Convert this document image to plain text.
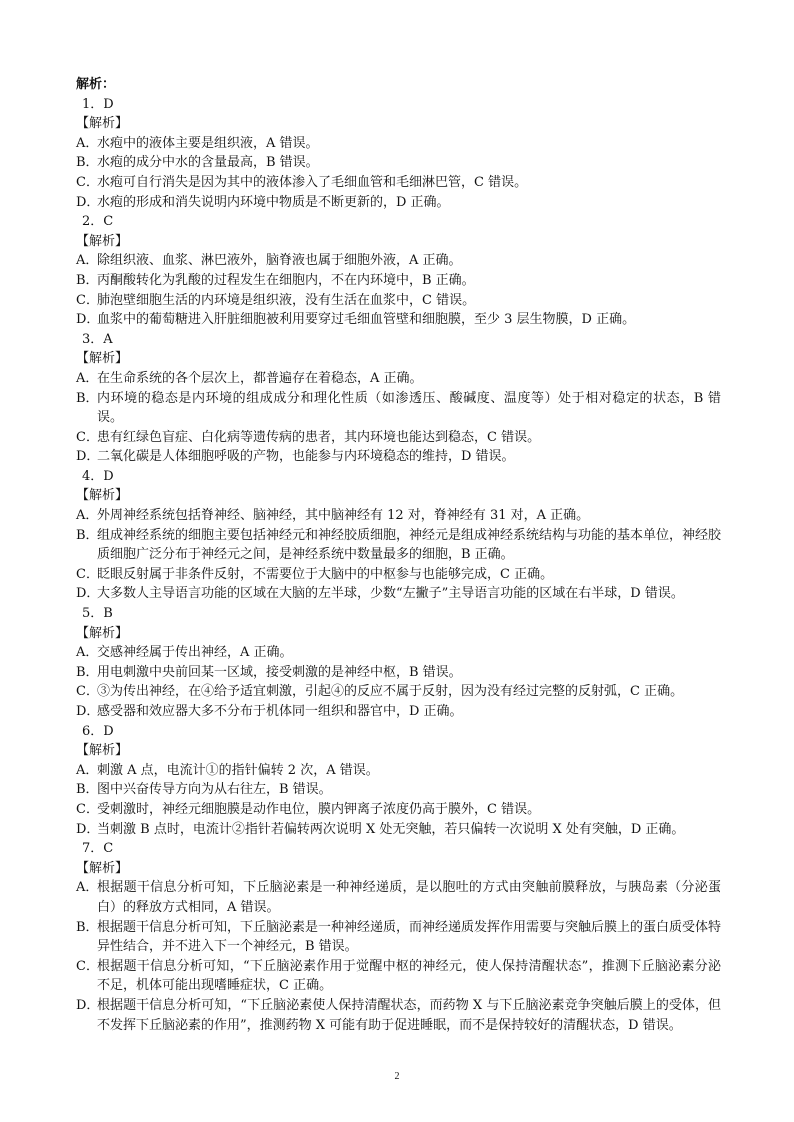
解析：
1．D
【解析】
A．
水疱中的液体主要是组织液，A 错误。
B．
水疱的成分中水的含量最高，B 错误。
C．
水疱可自行消失是因为其中的液体渗入了毛细血管和毛细淋巴管，C 错误。
D．
水疱的形成和消失说明内环境中物质是不断更新的，D 正确。
2．C
【解析】
A．
除组织液、血浆、淋巴液外，脑脊液也属于细胞外液，A 正确。
B．
丙酮酸转化为乳酸的过程发生在细胞内，不在内环境中，B 正确。
C．
肺泡壁细胞生活的内环境是组织液，没有生活在血浆中，C 错误。
D．
血浆中的葡萄糖进入肝脏细胞被利用要穿过毛细血管壁和细胞膜，至少 3 层生物膜，D 正确。
3．A
【解析】
A．
在生命系统的各个层次上，都普遍存在着稳态，A 正确。
B．
内环境的稳态是内环境的组成成分和理化性质（如渗透压、酸碱度、温度等）处于相对稳定的状态，B 错误。
C．
患有红绿色盲症、白化病等遗传病的患者，其内环境也能达到稳态，C 错误。
D．
二氧化碳是人体细胞呼吸的产物，也能参与内环境稳态的维持，D 错误。
4．D
【解析】
A．
外周神经系统包括脊神经、脑神经，其中脑神经有 12 对，脊神经有 31 对，A 正确。
B．
组成神经系统的细胞主要包括神经元和神经胶质细胞，神经元是组成神经系统结构与功能的基本单位，神经胶质细胞广泛分布于神经元之间，是神经系统中数量最多的细胞，B 正确。
C．
眨眼反射属于非条件反射，不需要位于大脑中的中枢参与也能够完成，C 正确。
D．
大多数人主导语言功能的区域在大脑的左半球，少数“左撇子”主导语言功能的区域在右半球，D 错误。
5．B
【解析】
A．
交感神经属于传出神经，A 正确。
B．
用电刺激中央前回某一区域，接受刺激的是神经中枢，B 错误。
C．
③为传出神经，在④给予适宜刺激，引起④的反应不属于反射，因为没有经过完整的反射弧，C 正确。
D．
感受器和效应器大多不分布于机体同一组织和器官中，D 正确。
6．D
【解析】
A．
刺激 A 点，电流计①的指针偏转 2 次，A 错误。
B．
图中兴奋传导方向为从右往左，B 错误。
C．
受刺激时，神经元细胞膜是动作电位，膜内钾离子浓度仍高于膜外，C 错误。
D．
当刺激 B 点时，电流计②指针若偏转两次说明 X 处无突触，若只偏转一次说明 X 处有突触，D 正确。
7．C
【解析】
A．
根据题干信息分析可知，下丘脑泌素是一种神经递质，是以胞吐的方式由突触前膜释放，与胰岛素（分泌蛋白）的释放方式相同，A 错误。
B．
根据题干信息分析可知，下丘脑泌素是一种神经递质，而神经递质发挥作用需要与突触后膜上的蛋白质受体特异性结合，并不进入下一个神经元，B 错误。
C．
根据题干信息分析可知，“下丘脑泌素作用于觉醒中枢的神经元，使人保持清醒状态”，推测下丘脑泌素分泌不足，机体可能出现嗜睡症状，C 正确。
D．
根据题干信息分析可知，“下丘脑泌素使人保持清醒状态，而药物 X 与下丘脑泌素竞争突触后膜上的受体，但不发挥下丘脑泌素的作用”，推测药物 X 可能有助于促进睡眠，而不是保持较好的清醒状态，D 错误。
2
